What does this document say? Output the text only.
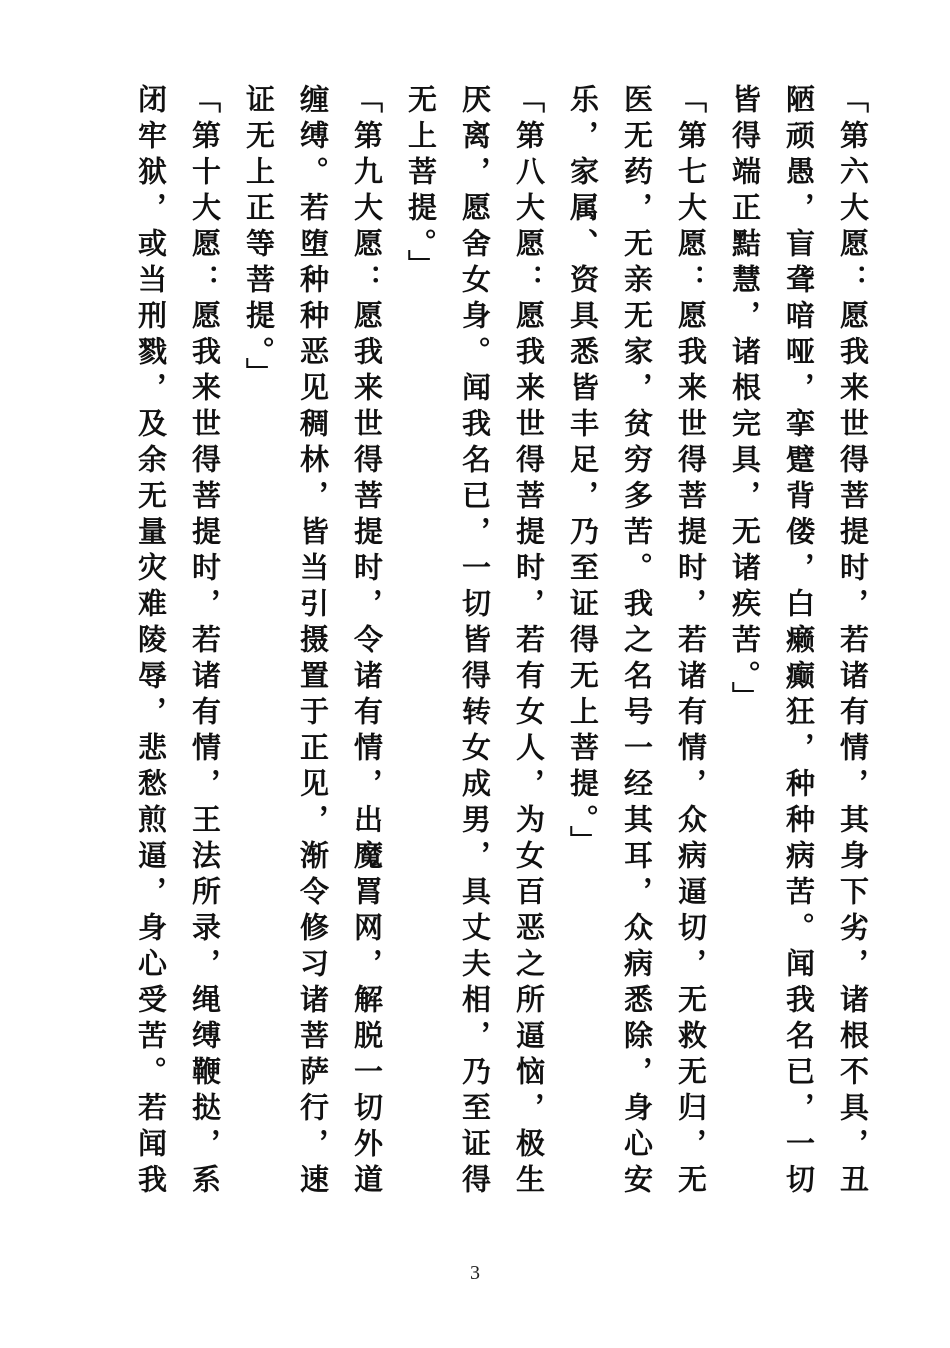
「第六大愿：愿我来世得菩提时，若诸有情，其身下劣，诸根不具，丑陋顽愚，盲聋喑哑，挛躄背偻，白癞癫狂，种种病苦。闻我名已，一切皆得端正黠慧，诸根完具，无诸疾苦。」

「第七大愿：愿我来世得菩提时，若诸有情，众病逼切，无救无归，无医无药，无亲无家，贫穷多苦。我之名号一经其耳，众病悉除，身心安乐，家属、资具悉皆丰足，乃至证得无上菩提。」

「第八大愿：愿我来世得菩提时，若有女人，为女百恶之所逼恼，极生厌离，愿舍女身。闻我名已，一切皆得转女成男，具丈夫相，乃至证得无上菩提。」

「第九大愿：愿我来世得菩提时，令诸有情，出魔罥网，解脱一切外道缠缚。若堕种种恶见稠林，皆当引摄置于正见，渐令修习诸菩萨行，速证无上正等菩提。」

「第十大愿：愿我来世得菩提时，若诸有情，王法所录，绳缚鞭挞，系闭牢狱，或当刑戮，及余无量灾难陵辱，悲愁煎逼，身心受苦。若闻我

3
